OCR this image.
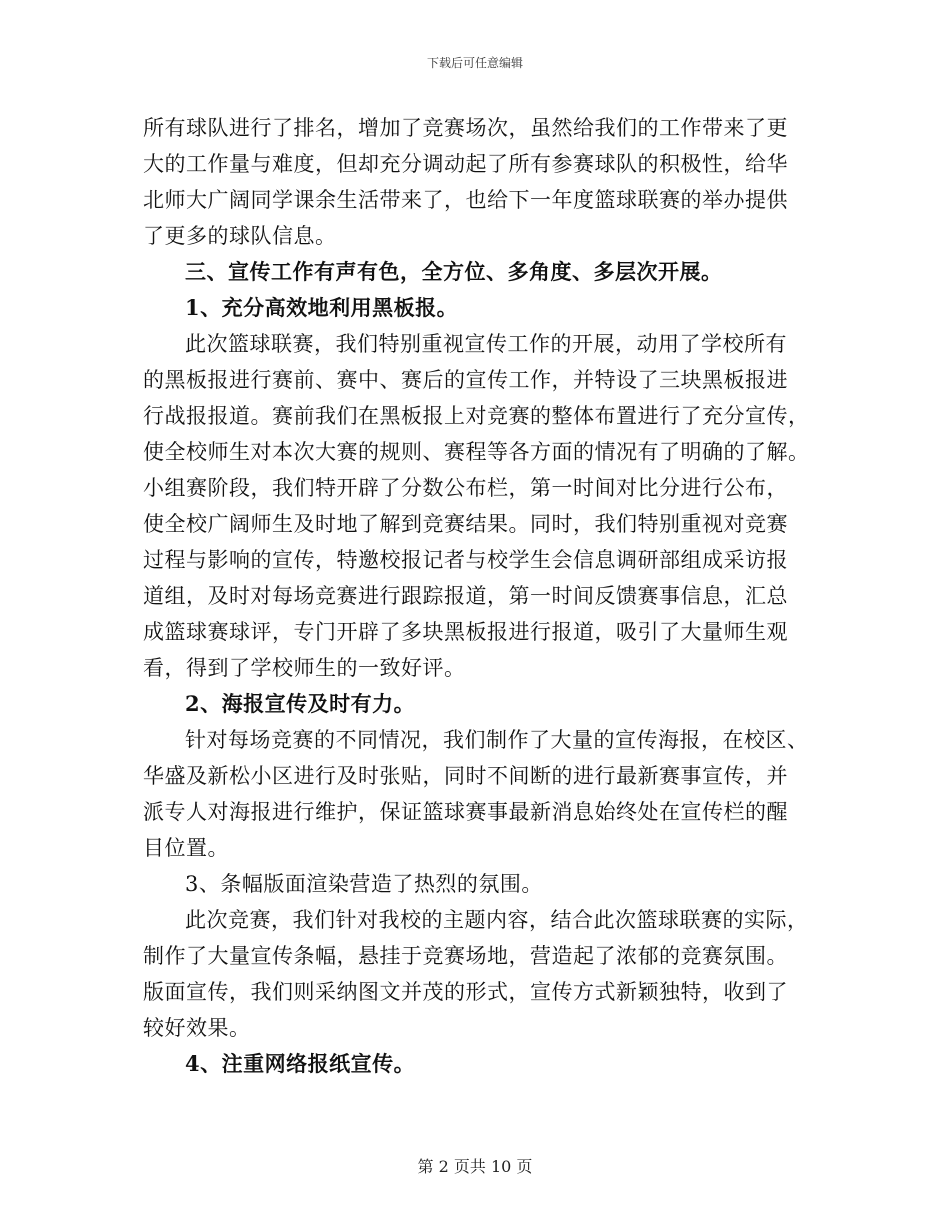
下载后可任意编辑
所有球队进行了排名，增加了竞赛场次，虽然给我们的工作带来了更
大的工作量与难度，但却充分调动起了所有参赛球队的积极性，给华
北师大广阔同学课余生活带来了，也给下一年度篮球联赛的举办提供
了更多的球队信息。
三、宣传工作有声有色，全方位、多角度、多层次开展。
1、充分高效地利用黑板报。
此次篮球联赛，我们特别重视宣传工作的开展，动用了学校所有
的黑板报进行赛前、赛中、赛后的宣传工作，并特设了三块黑板报进
行战报报道。赛前我们在黑板报上对竞赛的整体布置进行了充分宣传，
使全校师生对本次大赛的规则、赛程等各方面的情况有了明确的了解。
小组赛阶段，我们特开辟了分数公布栏，第一时间对比分进行公布，
使全校广阔师生及时地了解到竞赛结果。同时，我们特别重视对竞赛
过程与影响的宣传，特邀校报记者与校学生会信息调研部组成采访报
道组，及时对每场竞赛进行跟踪报道，第一时间反馈赛事信息，汇总
成篮球赛球评，专门开辟了多块黑板报进行报道，吸引了大量师生观
看，得到了学校师生的一致好评。
2、海报宣传及时有力。
针对每场竞赛的不同情况，我们制作了大量的宣传海报，在校区、
华盛及新松小区进行及时张贴，同时不间断的进行最新赛事宣传，并
派专人对海报进行维护，保证篮球赛事最新消息始终处在宣传栏的醒
目位置。
3、条幅版面渲染营造了热烈的氛围。
此次竞赛，我们针对我校的主题内容，结合此次篮球联赛的实际，
制作了大量宣传条幅，悬挂于竞赛场地，营造起了浓郁的竞赛氛围。
版面宣传，我们则采纳图文并茂的形式，宣传方式新颖独特，收到了
较好效果。
4、注重网络报纸宣传。
第 2 页共 10 页
